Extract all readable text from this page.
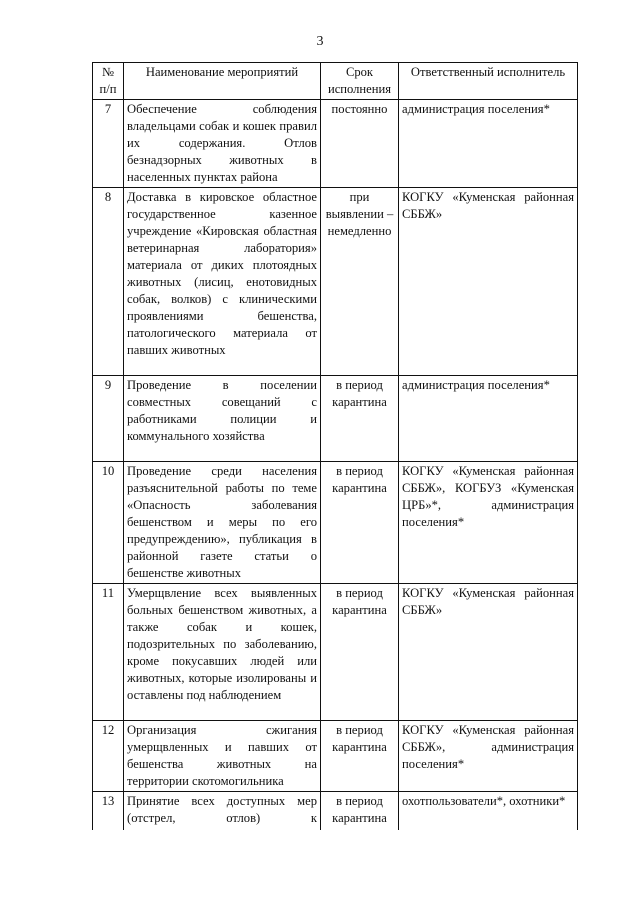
3
№ п/п	Наименование мероприятий	Срок исполнения	Ответственный исполнитель
7	Обеспечение соблюдения владельцами собак и кошек правил их содержания. Отлов безнадзорных животных в населенных пунктах района	постоянно	администрация поселения*
8	Доставка в кировское областное государственное казенное учреждение «Кировская областная ветеринарная лаборатория» материала от диких плотоядных животных (лисиц, енотовидных собак, волков) с клиническими проявлениями бешенства, патологического материала от павших животных	при выявлении – немедленно	КОГКУ «Куменская районная СББЖ»
9	Проведение в поселении совместных совещаний с работниками полиции и коммунального хозяйства	в период карантина	администрация поселения*
10	Проведение среди населения разъяснительной работы по теме «Опасность заболевания бешенством и меры по его предупреждению», публикация в районной газете статьи о бешенстве животных	в период карантина	КОГКУ «Куменская районная СББЖ», КОГБУЗ «Куменская ЦРБ»*, администрация поселения*
11	Умерщвление всех выявленных больных бешенством животных, а также собак и кошек, подозрительных по заболеванию, кроме покусавших людей или животных, которые изолированы и оставлены под наблюдением	в период карантина	КОГКУ «Куменская районная СББЖ»
12	Организация сжигания умерщвленных и павших от бешенства животных на территории скотомогильника	в период карантина	КОГКУ «Куменская районная СББЖ», администрация поселения*
13	Принятие всех доступных мер (отстрел, отлов) к	в период карантина	охотпользователи*, охотники*
